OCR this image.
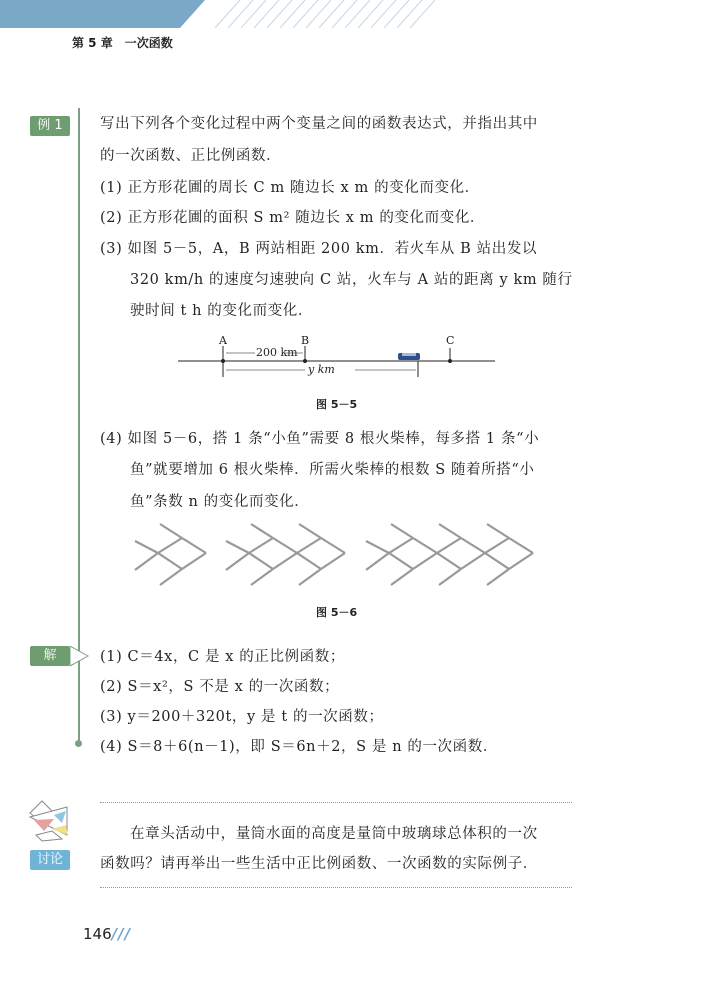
第 5 章　一次函数
例 1	写出下列各个变化过程中两个变量之间的函数表达式，并指出其中
的一次函数、正比例函数．
(1) 正方形花圃的周长 C m 随边长 x m 的变化而变化．
(2) 正方形花圃的面积 S m² 随边长 x m 的变化而变化．
(3) 如图 5－5，A，B 两站相距 200 km．若火车从 B 站出发以
320 km/h 的速度匀速驶向 C 站，火车与 A 站的距离 y km 随行
驶时间 t h 的变化而变化．
A	B	C
200 km
y km
图 5－5
(4) 如图 5－6，搭 1 条“小鱼”需要 8 根火柴棒，每多搭 1 条“小
鱼”就要增加 6 根火柴棒．所需火柴棒的根数 S 随着所搭“小
鱼”条数 n 的变化而变化．
图 5－6
解	(1) C＝4x，C 是 x 的正比例函数；
(2) S＝x²，S 不是 x 的一次函数；
(3) y＝200＋320t，y 是 t 的一次函数；
(4) S＝8＋6(n－1)，即 S＝6n＋2，S 是 n 的一次函数．
讨论
在章头活动中，量筒水面的高度是量筒中玻璃球总体积的一次
函数吗？请再举出一些生活中正比例函数、一次函数的实际例子．
146///
